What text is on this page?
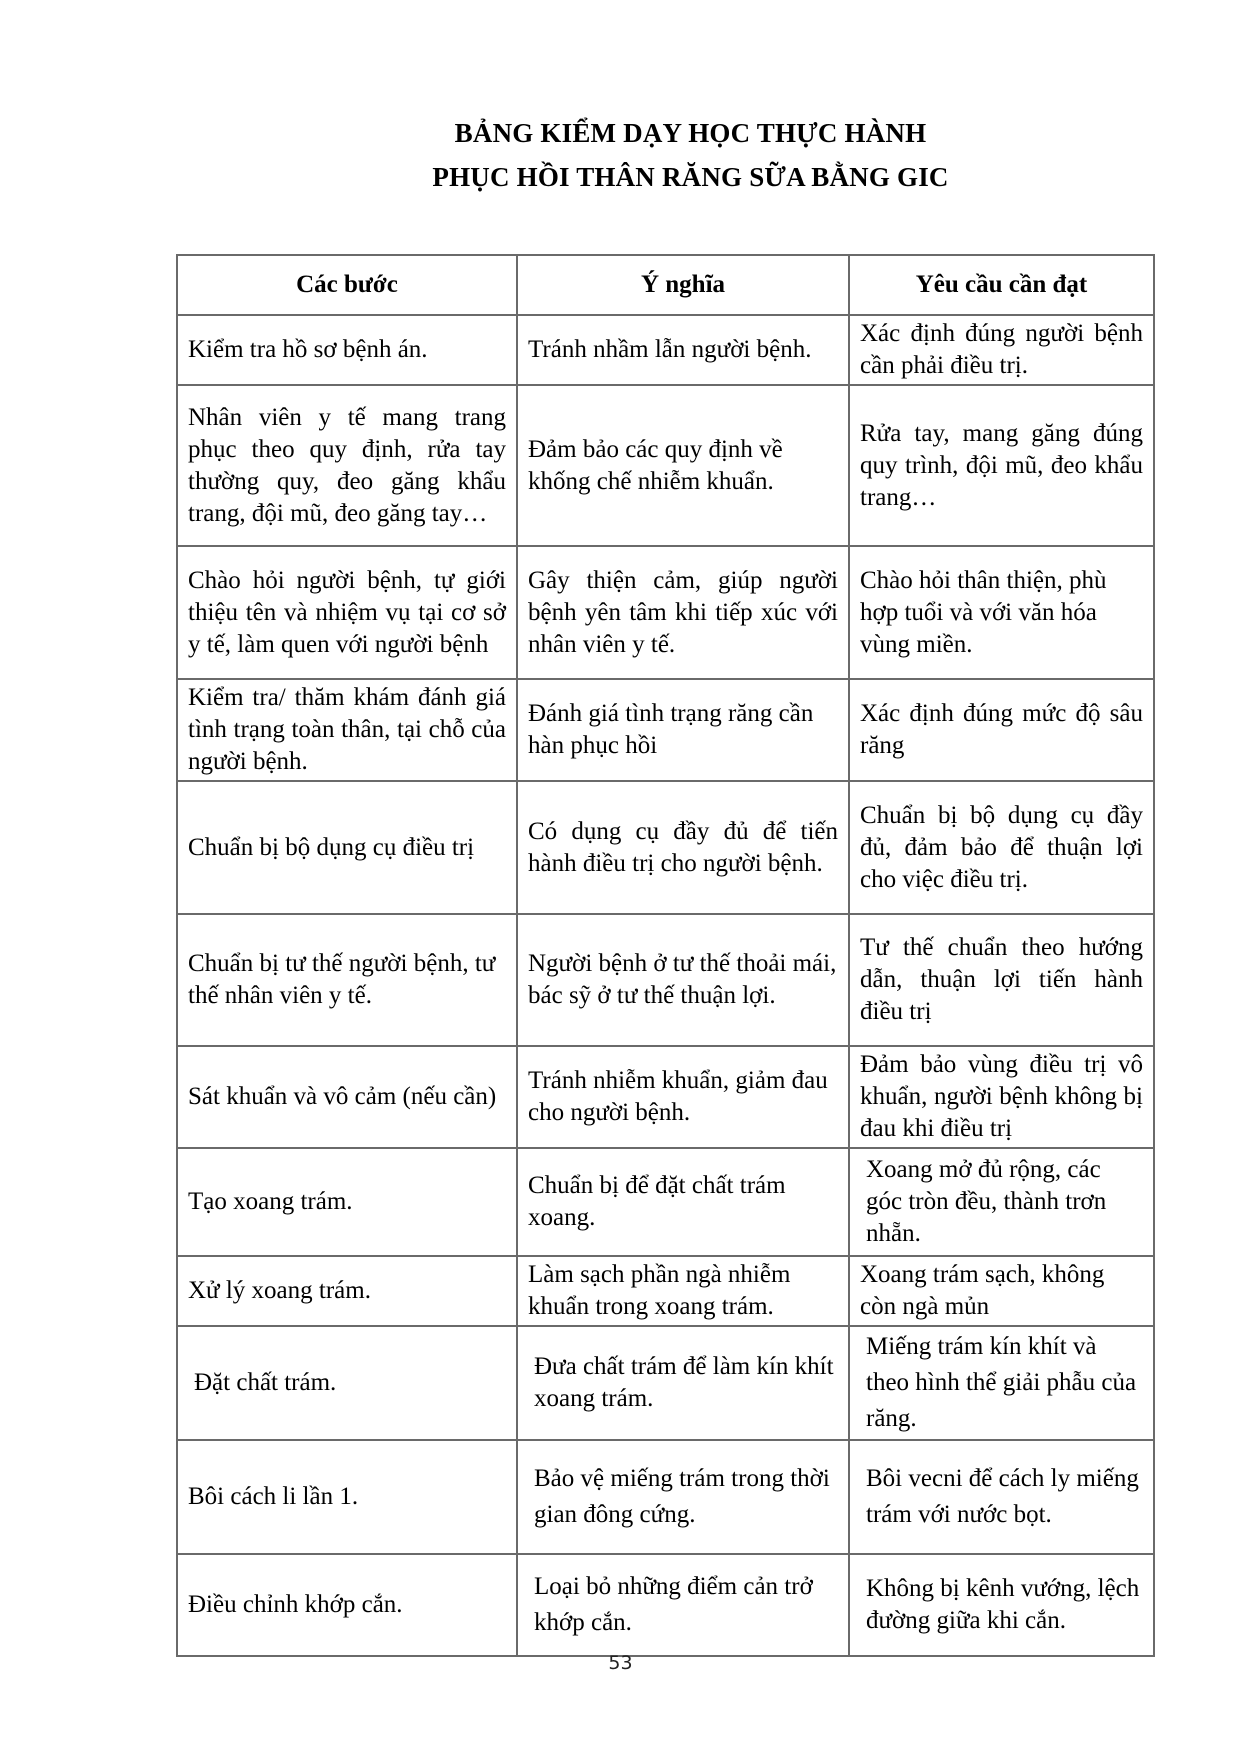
BẢNG KIỂM DẠY HỌC THỰC HÀNH
PHỤC HỒI THÂN RĂNG SỮA BẰNG GIC
Các bước	Ý nghĩa	Yêu cầu cần đạt
Kiểm tra hồ sơ bệnh án.	Tránh nhầm lẫn người bệnh.	Xác định đúng người bệnh cần phải điều trị.
Nhân viên y tế mang trang phục theo quy định, rửa tay thường quy, đeo găng khẩu trang, đội mũ, đeo găng tay…	Đảm bảo các quy định về khống chế nhiễm khuẩn.	Rửa tay, mang găng đúng quy trình, đội mũ, đeo khẩu trang…
Chào hỏi người bệnh, tự giới thiệu tên và nhiệm vụ tại cơ sở y tế, làm quen với người bệnh	Gây thiện cảm, giúp người bệnh yên tâm khi tiếp xúc với nhân viên y tế.	Chào hỏi thân thiện, phù hợp tuổi và với văn hóa vùng miền.
Kiểm tra/ thăm khám đánh giá tình trạng toàn thân, tại chỗ của người bệnh.	Đánh giá tình trạng răng cần hàn phục hồi	Xác định đúng mức độ sâu răng
Chuẩn bị bộ dụng cụ điều trị	Có dụng cụ đầy đủ để tiến hành điều trị cho người bệnh.	Chuẩn bị bộ dụng cụ đầy đủ, đảm bảo để thuận lợi cho việc điều trị.
Chuẩn bị tư thế người bệnh, tư thế nhân viên y tế.	Người bệnh ở tư thế thoải mái, bác sỹ ở tư thế thuận lợi.	Tư thế chuẩn theo hướng dẫn, thuận lợi tiến hành điều trị
Sát khuẩn và vô cảm (nếu cần)	Tránh nhiễm khuẩn, giảm đau cho người bệnh.	Đảm bảo vùng điều trị vô khuẩn, người bệnh không bị đau khi điều trị
Tạo xoang trám.	Chuẩn bị để đặt chất trám xoang.	Xoang mở đủ rộng, các góc tròn đều, thành trơn nhẵn.
Xử lý xoang trám.	Làm sạch phần ngà nhiễm khuẩn trong xoang trám.	Xoang trám sạch, không còn ngà mủn
Đặt chất trám.	Đưa chất trám để làm kín khít xoang trám.	Miếng trám kín khít và theo hình thể giải phẫu của răng.
Bôi cách li lần 1.	Bảo vệ miếng trám trong thời gian đông cứng.	Bôi vecni để cách ly miếng trám với nước bọt.
Điều chỉnh khớp cắn.	Loại bỏ những điểm cản trở khớp cắn.	Không bị kênh vướng, lệch đường giữa khi cắn.
53
